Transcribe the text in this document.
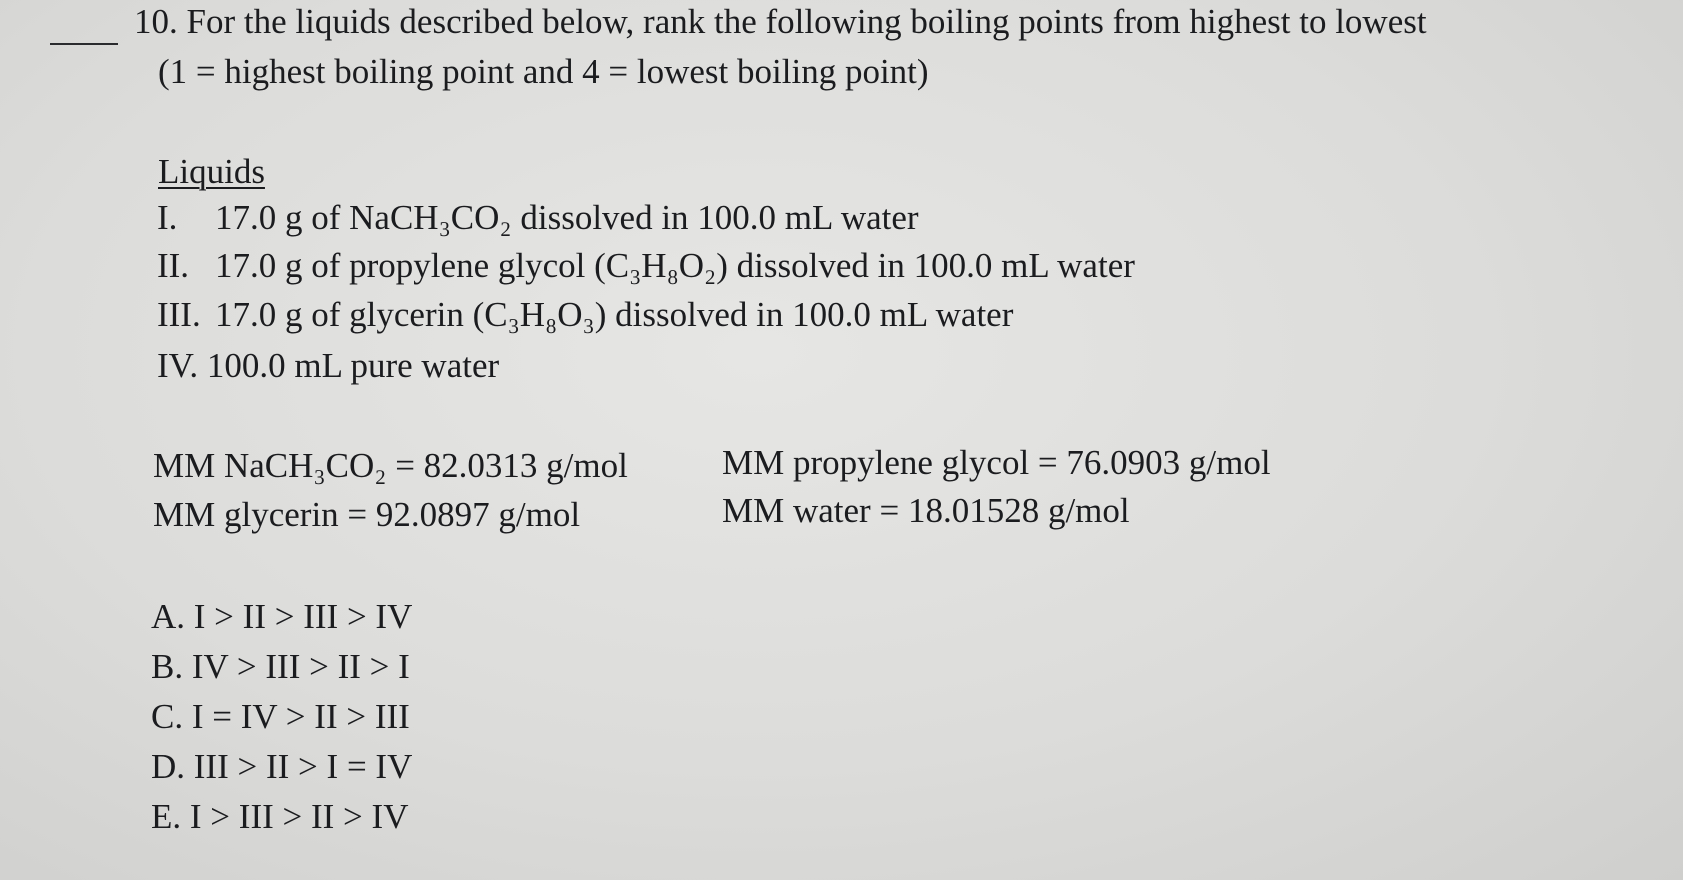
10. For the liquids described below, rank the following boiling points from highest to lowest
(1 = highest boiling point and 4 = lowest boiling point)
Liquids
I. 17.0 g of NaCH₃CO₂ dissolved in 100.0 mL water
II. 17.0 g of propylene glycol (C₃H₈O₂) dissolved in 100.0 mL water
III. 17.0 g of glycerin (C₃H₈O₃) dissolved in 100.0 mL water
IV. 100.0 mL pure water
MM NaCH₃CO₂ = 82.0313 g/mol	MM propylene glycol = 76.0903 g/mol
MM glycerin = 92.0897 g/mol	MM water = 18.01528 g/mol
A. I > II > III > IV
B. IV > III > II > I
C. I = IV > II > III
D. III > II > I = IV
E. I > III > II > IV
